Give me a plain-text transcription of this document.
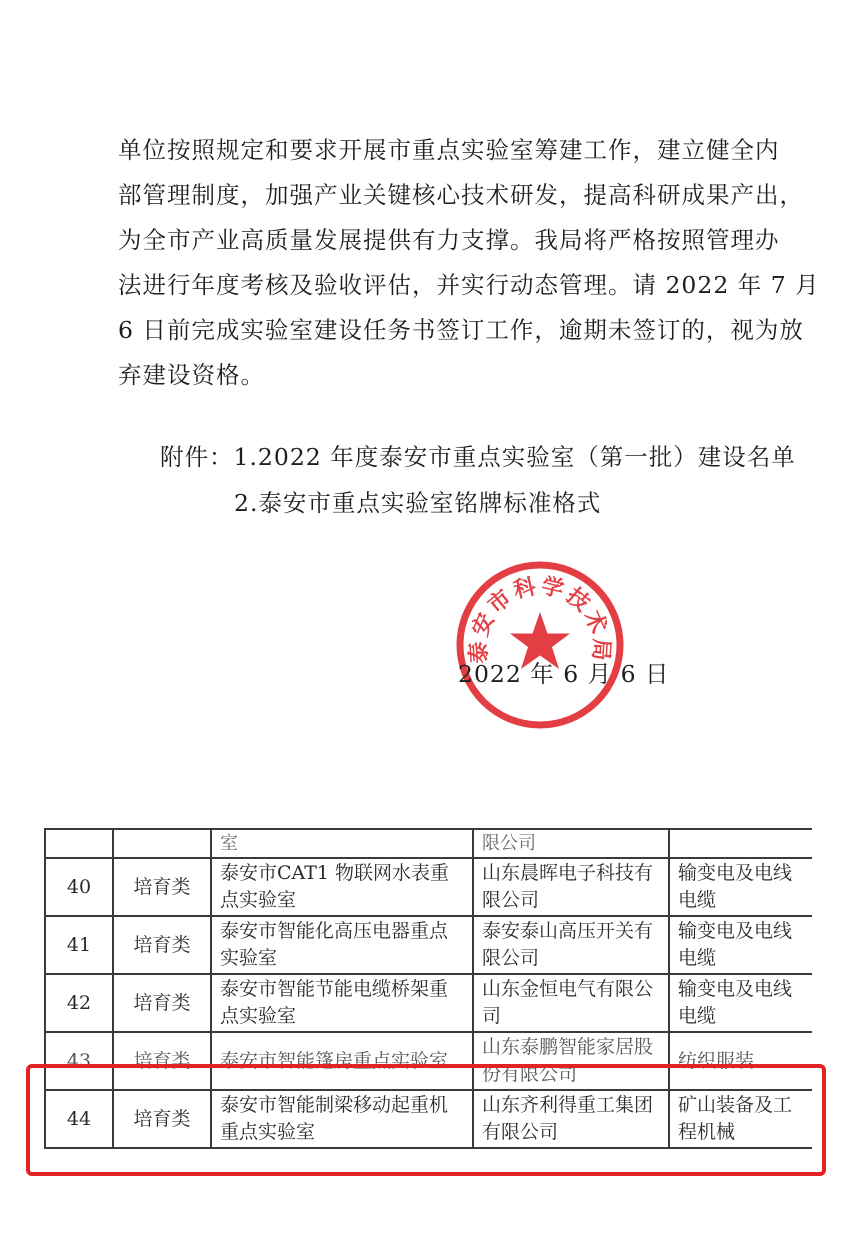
单位按照规定和要求开展市重点实验室筹建工作，建立健全内

部管理制度，加强产业关键核心技术研发，提高科研成果产出，

为全市产业高质量发展提供有力支撑。我局将严格按照管理办

法进行年度考核及验收评估，并实行动态管理。请 2022 年 7 月

6 日前完成实验室建设任务书签订工作，逾期未签订的，视为放

弃建设资格。

附件：1.2022 年度泰安市重点实验室（第一批）建设名单
2.泰安市重点实验室铭牌标准格式
泰安市科学技术局
2022 年 6 月 6 日
		室	限公司	
40	培育类	泰安市CAT1 物联网水表重点实验室	山东晨晖电子科技有限公司	输变电及电线电缆
41	培育类	泰安市智能化高压电器重点实验室	泰安泰山高压开关有限公司	输变电及电线电缆
42	培育类	泰安市智能节能电缆桥架重点实验室	山东金恒电气有限公司	输变电及电线电缆
43	培育类	泰安市智能篷房重点实验室	山东泰鹏智能家居股份有限公司	纺织服装
44	培育类	泰安市智能制梁移动起重机重点实验室	山东齐利得重工集团有限公司	矿山装备及工程机械
